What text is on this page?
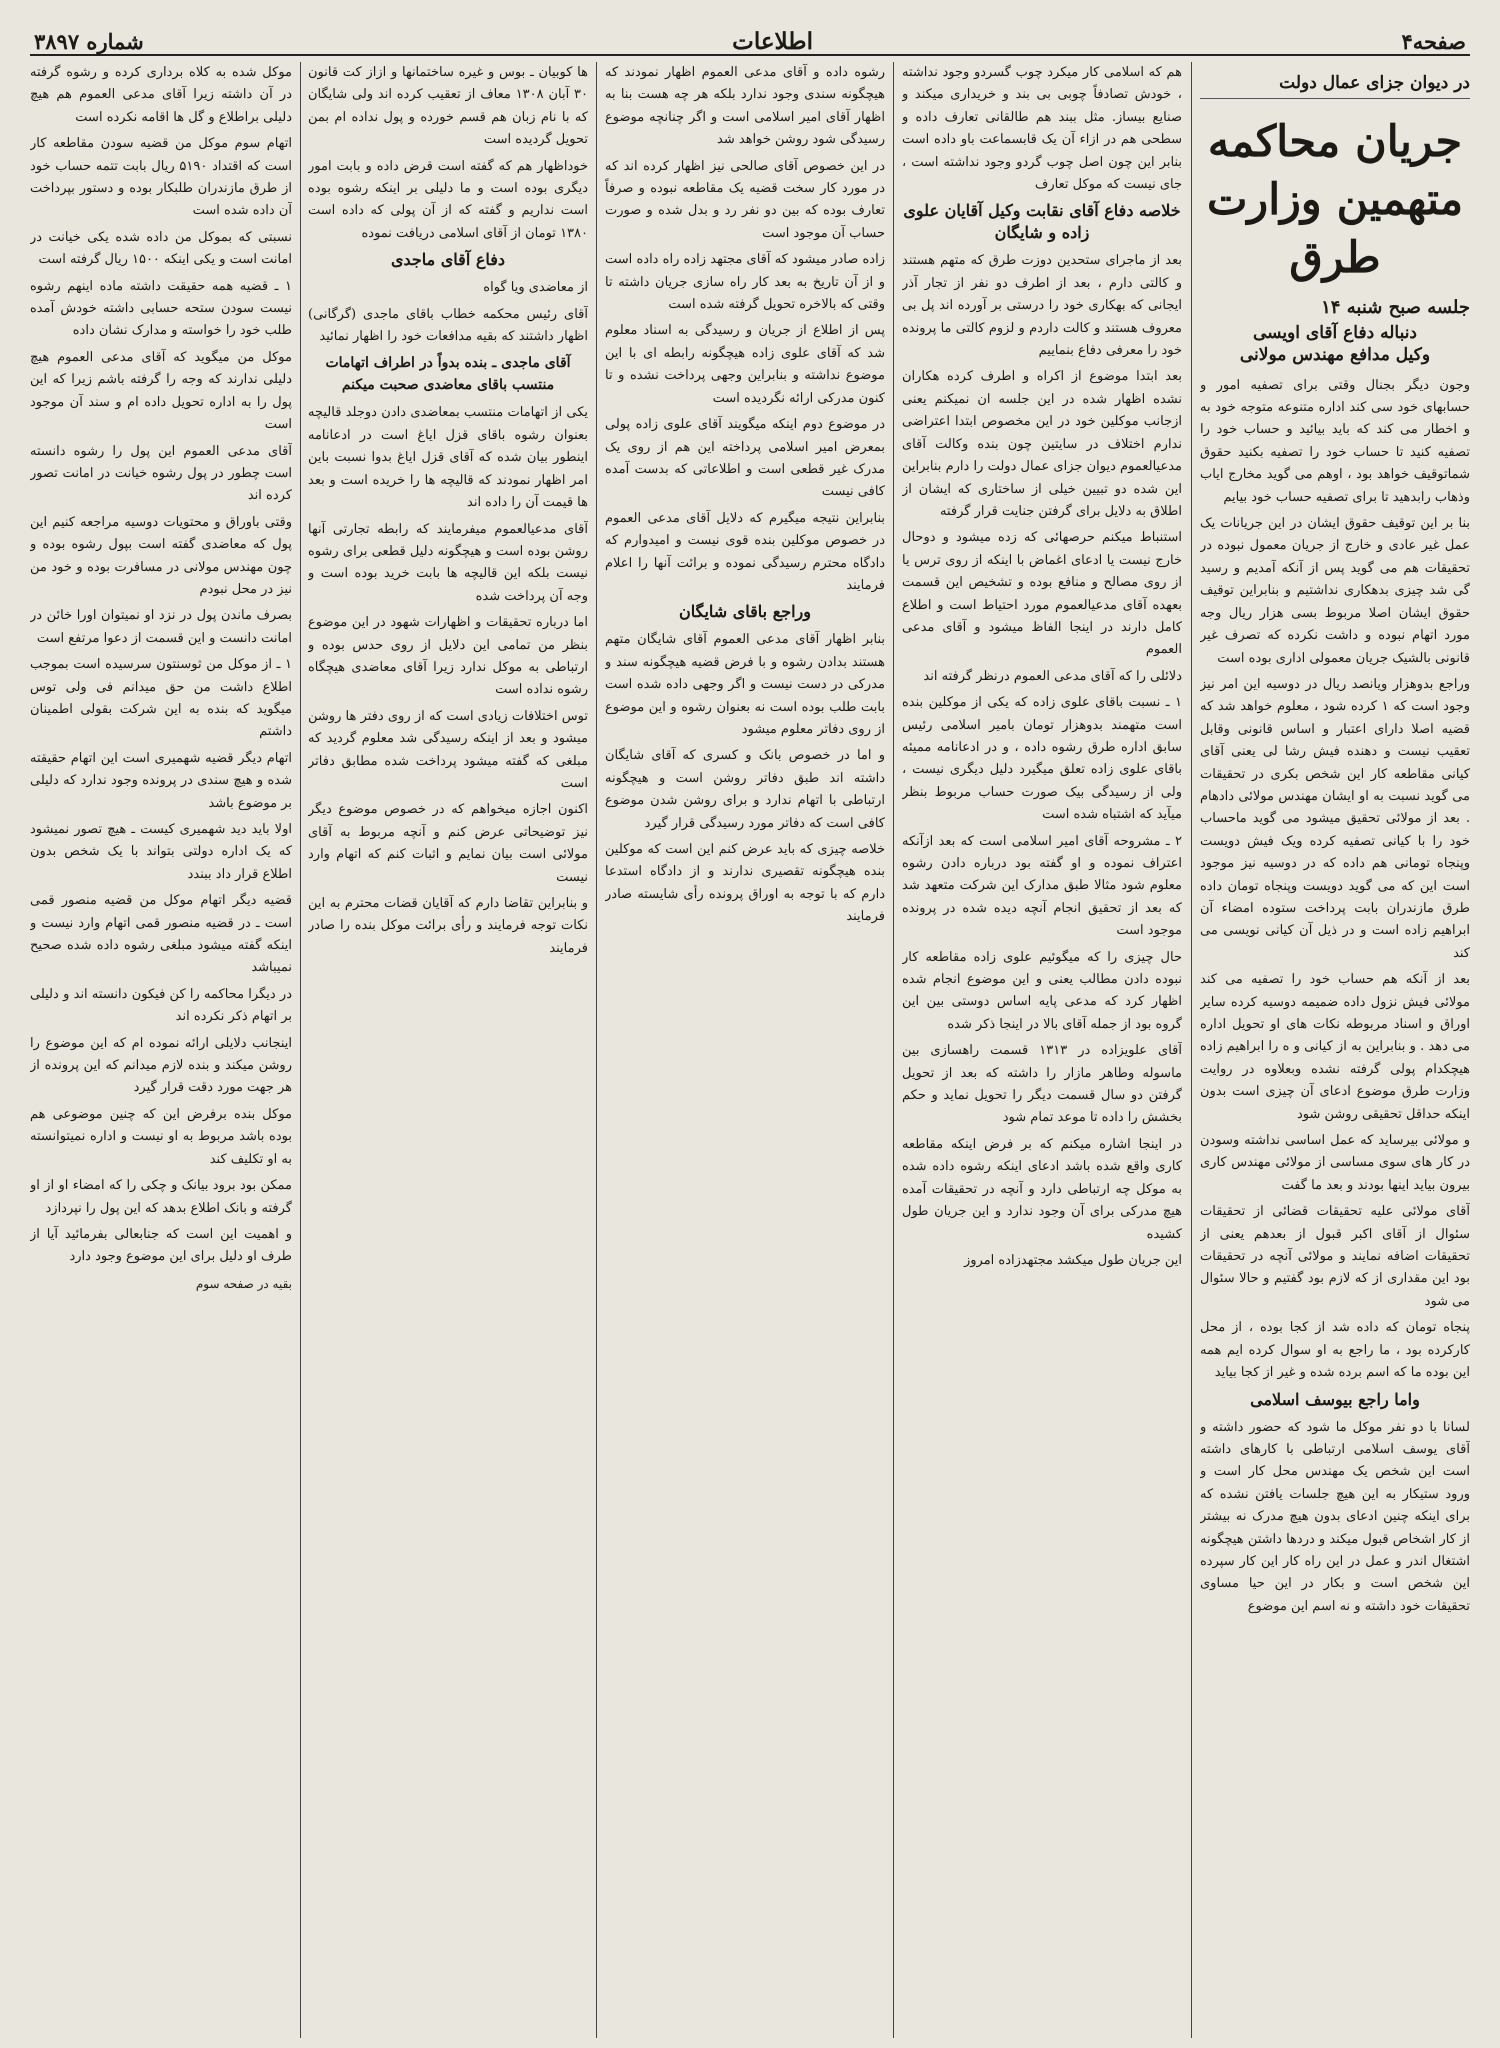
صفحه۴
اطلاعات
شماره ۳۸۹۷
در دیوان جزای عمال دولت
جریان محاکمه متهمین وزارت طرق
جلسه صبح شنبه ۱۴
دنباله دفاع آقای اویسی
وکیل مدافع مهندس مولانی

وجون دیگر بجنال وقتی برای تصفیه امور و حسابهای خود سی کند اداره متنوعه متوجه خود به و اخطار می کند که باید بیائید و حساب خود را تصفیه کنید تا حساب خود را تصفیه بکنید حقوق شماتوقیف خواهد بود ، اوهم می گوید مخارج ایاب وذهاب رابدهید تا برای تصفیه حساب خود بیایم

بنا بر این توقیف حقوق ایشان در این جریانات یک عمل غیر عادی و خارج از جریان معمول نبوده در تحقیقات هم می گوید پس از آنکه آمدیم و رسید گی شد چیزی بدهکاری نداشتیم و بنابراین توقیف حقوق ایشان اصلا مربوط بسی هزار ریال وجه مورد اتهام نبوده و داشت نکرده که تصرف غیر قانونی بالشیک جریان معمولی اداری بوده است

وراجع بدوهزار ویانصد ریال در دوسیه این امر نیز وجود است که ۱ کرده شود ، معلوم خواهد شد که قضیه اصلا دارای اعتبار و اساس قانونی وقابل تعقیب نیست و دهنده فیش رشا لی یعنی آقای کیانی مقاطعه کار این شخص بکری در تحقیقات می گوید نسبت به او ایشان مهندس مولائی دادهام . بعد از مولائی تحقیق میشود می گوید ماحساب خود را با کیانی تصفیه کرده ویک فیش دویست وپنجاه تومانی هم داده که در دوسیه نیز موجود است این که می گوید دویست وپنجاه تومان داده طرق مازندران بابت پرداخت ستوده امضاء آن ابراهیم زاده است و در ذیل آن کیانی نویسی می کند

بعد از آنکه هم حساب خود را تصفیه می کند مولائی فیش نزول داده ضمیمه دوسیه کرده سایر اوراق و اسناد مربوطه نکات های او تحویل اداره می دهد . و بنابراین به از کیانی و ه را ابراهیم زاده هیچکدام پولی گرفته نشده وبعلاوه در روایت وزارت طرق موضوع ادعای آن چیزی است بدون اینکه حداقل تحقیقی روشن شود

و مولائی بیرساید که عمل اساسی نداشته وسودن در کار های سوی مساسی از مولائی مهندس کاری بیرون بیاید اینها بودند و بعد ما گفت

آقای مولائی علیه تحقیقات قضائی از تحقیقات سئوال از آقای اکبر قبول از بعدهم یعنی از تحقیقات اضافه نمایند و مولائی آنچه در تحقیقات بود این مقداری از که لازم بود گفتیم و حالا سئوال می شود

پنجاه تومان که داده شد از کجا بوده ، از محل کارکرده بود ، ما راجع به او سوال کرده ایم همه این بوده ما که اسم برده شده و غیر از کجا بیاید

واما راجع بیوسف اسلامی

لسانا با دو نفر موکل ما شود که حضور داشته و آقای یوسف اسلامی ارتباطی با کارهای داشته است این شخص یک مهندس محل کار است و ورود ستیکار به این هیچ جلسات یافتن نشده که برای اینکه چنین ادعای بدون هیچ مدرک نه بیشتر از کار اشخاص قبول میکند و دردها داشتن هیچگونه اشتغال اندر و عمل در این راه کار این کار سپرده این شخص است و بکار در این حیا مساوی تحقیقات خود داشته و نه اسم این موضوع

هم که اسلامی کار میکرد چوب گسردو وجود نداشته ، خودش تصادفاً چوبی بی بند و خریداری میکند و صنایع بیساز. مثل ببند هم طالقانی تعارف داده و سطحی هم در ازاء آن یک قابسماعت باو داده است بنابر این چون اصل چوب گردو وجود نداشته است ، جای نیست که موکل تعارف

خلاصه دفاع آقای نقابت وکیل آقایان علوی زاده و شایگان

بعد از ماجرای ستحدین دوزت طرق که متهم هستند و کالتی دارم ، بعد از اطرف دو نفر از تجار آذر ایجانی که بهکاری خود را درستی بر آورده اند پل بی معروف هستند و کالت داردم و لزوم کالتی ما پرونده خود را معرفی دفاع بنماییم

بعد ابتدا موضوع از اکراه و اطرف کرده هکاران نشده اظهار شده در این جلسه ان نمیکنم یعنی ازجانب موکلین خود در این مخصوص ابتدا اعتراضی ندارم اختلاف در سایتین چون بنده وکالت آقای مدعیالعموم دیوان جزای عمال دولت را دارم بنابراین این شده دو تبیین خیلی از ساختاری که ایشان از اطلاق به دلایل برای گرفتن جنایت قرار گرفته

استنباط میکنم حرصهائی که زده میشود و دوحال خارج نیست یا ادعای اغماض با اینکه از روی ترس یا از روی مصالح و منافع بوده و تشخیص این قسمت بعهده آقای مدعیالعموم مورد احتیاط است و اطلاع کامل دارند در اینجا الفاظ میشود و آقای مدعی العموم

دلائلی را که آقای مدعی العموم درنظر گرفته اند

۱ ـ نسبت باقای علوی زاده که یکی از موکلین بنده است متهمند بدوهزار تومان بامیر اسلامی رئیس سابق اداره طرق رشوه داده ، و در ادعانامه ممیئه باقای علوی زاده تعلق میگیرد دلیل دیگری نیست ، ولی از رسیدگی بیک صورت حساب مربوط بنظر میآید که اشتباه شده است

۲ ـ مشروحه آقای امیر اسلامی است که بعد ازآنکه اعتراف نموده و او گفته بود درباره دادن رشوه معلوم شود مثالا طبق مدارک این شرکت متعهد شد که بعد از تحقیق انجام آنچه دیده شده در پرونده موجود است

حال چیزی را که میگوئیم علوی زاده مقاطعه کار نبوده دادن مطالب یعنی و این موضوع انجام شده اظهار کرد که مدعی پایه اساس دوستی بین این گروه بود از جمله آقای بالا در اینجا ذکر شده

آقای علویزاده در ۱۳۱۳ قسمت راهسازی بین ماسوله وطاهر مازار را داشته که بعد از تحویل گرفتن دو سال قسمت دیگر را تحویل نماید و حکم بخشش را داده تا موعد تمام شود

در اینجا اشاره میکنم که بر فرض اینکه مقاطعه کاری واقع شده باشد ادعای اینکه رشوه داده شده به موکل چه ارتباطی دارد و آنچه در تحقیقات آمده هیچ مدرکی برای آن وجود ندارد و این جریان طول کشیده

این جریان طول میکشد مجتهدزاده امروز

رشوه داده و آقای مدعی العموم اظهار نمودند که هیچگونه سندی وجود ندارد بلکه هر چه هست بنا به اظهار آقای امیر اسلامی است و اگر چنانچه موضوع رسیدگی شود روشن خواهد شد

در این خصوص آقای صالحی نیز اظهار کرده اند که در مورد کار سخت قضیه یک مقاطعه نبوده و صرفاً تعارف بوده که بین دو نفر رد و بدل شده و صورت حساب آن موجود است

زاده صادر میشود که آقای مجتهد زاده راه داده است و از آن تاریخ به بعد کار راه سازی جریان داشته تا وقتی که بالاخره تحویل گرفته شده است

پس از اطلاع از جریان و رسیدگی به اسناد معلوم شد که آقای علوی زاده هیچگونه رابطه ای با این موضوع نداشته و بنابراین وجهی پرداخت نشده و تا کنون مدرکی ارائه نگردیده است

در موضوع دوم اینکه میگویند آقای علوی زاده پولی بمعرض امیر اسلامی پرداخته این هم از روی یک مدرک غیر قطعی است و اطلاعاتی که بدست آمده کافی نیست

بنابراین نتیجه میگیرم که دلایل آقای مدعی العموم در خصوص موکلین بنده قوی نیست و امیدوارم که دادگاه محترم رسیدگی نموده و برائت آنها را اعلام فرمایند

وراجع باقای شایگان

بنابر اظهار آقای مدعی العموم آقای شایگان متهم هستند بدادن رشوه و با فرض قضیه هیچگونه سند و مدرکی در دست نیست و اگر وجهی داده شده است بابت طلب بوده است نه بعنوان رشوه و این موضوع از روی دفاتر معلوم میشود

و اما در خصوص بانک و کسری که آقای شایگان داشته اند طبق دفاتر روشن است و هیچگونه ارتباطی با اتهام ندارد و برای روشن شدن موضوع کافی است که دفاتر مورد رسیدگی قرار گیرد

خلاصه چیزی که باید عرض کنم این است که موکلین بنده هیچگونه تقصیری ندارند و از دادگاه استدعا دارم که با توجه به اوراق پرونده رأی شایسته صادر فرمایند

ها کوبیان ـ بوس و غیره ساختمانها و ازاز کت قانون ۳۰ آبان ۱۳۰۸ معاف از تعقیب کرده اند ولی شایگان که با نام زبان هم قسم خورده و پول نداده ام بمن تحویل گردیده است

خوداظهار هم که گفته است قرض داده و بابت امور دیگری بوده است و ما دلیلی بر اینکه رشوه بوده است نداریم و گفته که از آن پولی که داده است ۱۳۸۰ تومان از آقای اسلامی دریافت نموده

دفاع آقای ماجدی

از معاضدی ویا گواه

آقای رئیس محکمه خطاب باقای ماجدی (گرگانی) اظهار داشتند که بقیه مدافعات خود را اظهار نمائید

آقای ماجدی ـ بنده بدواً در اطراف اتهامات منتسب باقای معاضدی صحبت میکنم

یکی از اتهامات منتسب بمعاضدی دادن دوجلد قالیچه بعنوان رشوه باقای قزل ایاغ است در ادعانامه اینطور بیان شده که آقای قزل ایاغ بدوا نسبت باین امر اظهار نمودند که قالیچه ها را خریده است و بعد ها قیمت آن را داده اند

آقای مدعیالعموم میفرمایند که رابطه تجارتی آنها روشن بوده است و هیچگونه دلیل قطعی برای رشوه نیست بلکه این قالیچه ها بابت خرید بوده است و وجه آن پرداخت شده

اما درباره تحقیقات و اظهارات شهود در این موضوع بنظر من تمامی این دلایل از روی حدس بوده و ارتباطی به موکل ندارد زیرا آقای معاضدی هیچگاه رشوه نداده است

توس اختلافات زیادی است که از روی دفتر ها روشن میشود و بعد از اینکه رسیدگی شد معلوم گردید که مبلغی که گفته میشود پرداخت شده مطابق دفاتر است

اکنون اجازه میخواهم که در خصوص موضوع دیگر نیز توضیحاتی عرض کنم و آنچه مربوط به آقای مولائی است بیان نمایم و اثبات کنم که اتهام وارد نیست

و بنابراین تقاضا دارم که آقایان قضات محترم به این نکات توجه فرمایند و رأی برائت موکل بنده را صادر فرمایند

موکل شده به کلاه برداری کرده و رشوه گرفته در آن داشته زیرا آقای مدعی العموم هم هیچ دلیلی براطلاع و گل ها اقامه نکرده است

اتهام سوم موکل من قضیه سودن مقاطعه کار است که اقتداد ۵۱۹۰ ریال بابت تتمه حساب خود از طرق مازندران طلبکار بوده و دستور بپرداخت آن داده شده است

نسبتی که بموکل من داده شده یکی خیانت در امانت است و یکی اینکه ۱۵۰۰ ریال گرفته است

۱ ـ قضیه همه حقیقت داشته ماده اینهم رشوه نیست سودن ستحه حسابی داشته خودش آمده طلب خود را خواسته و مدارک نشان داده

موکل من میگوید که آقای مدعی العموم هیچ دلیلی ندارند که وجه را گرفته باشم زیرا که این پول را به اداره تحویل داده ام و سند آن موجود است

آقای مدعی العموم این پول را رشوه دانسته است چطور در پول رشوه خیانت در امانت تصور کرده اند

وقتی باوراق و محتویات دوسیه مراجعه کنیم این پول که معاضدی گفته است بپول رشوه بوده و چون مهندس مولانی در مسافرت بوده و خود من نیز در محل نبودم

بصرف ماندن پول در نزد او نمیتوان اورا خائن در امانت دانست و این قسمت از دعوا مرتفع است

۱ ـ از موکل من ثوسنتون سرسیده است بموجب اطلاع داشت من حق میدانم فی ولی توس میگوید که بنده به این شرکت بقولی اطمینان داشتم

اتهام دیگر قضیه شهمیری است این اتهام حقیقته شده و هیچ سندی در پرونده وجود ندارد که دلیلی بر موضوع باشد

اولا باید دید شهمیری کیست ـ هیچ تصور نمیشود که یک اداره دولتی بتواند با یک شخص بدون اطلاع قرار داد ببندد

قضیه دیگر اتهام موکل من قضیه منصور قمی است ـ در قضیه منصور قمی اتهام وارد نیست و اینکه گفته میشود مبلغی رشوه داده شده صحیح نمیباشد

در دیگرا محاکمه را کن فیکون دانسته اند و دلیلی بر اتهام ذکر نکرده اند

اینجانب دلایلی ارائه نموده ام که این موضوع را روشن میکند و بنده لازم میدانم که این پرونده از هر جهت مورد دقت قرار گیرد

موکل بنده برفرض این که چنین موضوعی هم بوده باشد مربوط به او نیست و اداره نمیتوانسته به او تکلیف کند

ممکن بود برود بیانک و چکی را که امضاء او از او گرفته و بانک اطلاع بدهد که این پول را نپردازد

و اهمیت این است که جنابعالی بفرمائید آیا از طرف او دلیل برای این موضوع وجود دارد

بقیه در صفحه سوم
